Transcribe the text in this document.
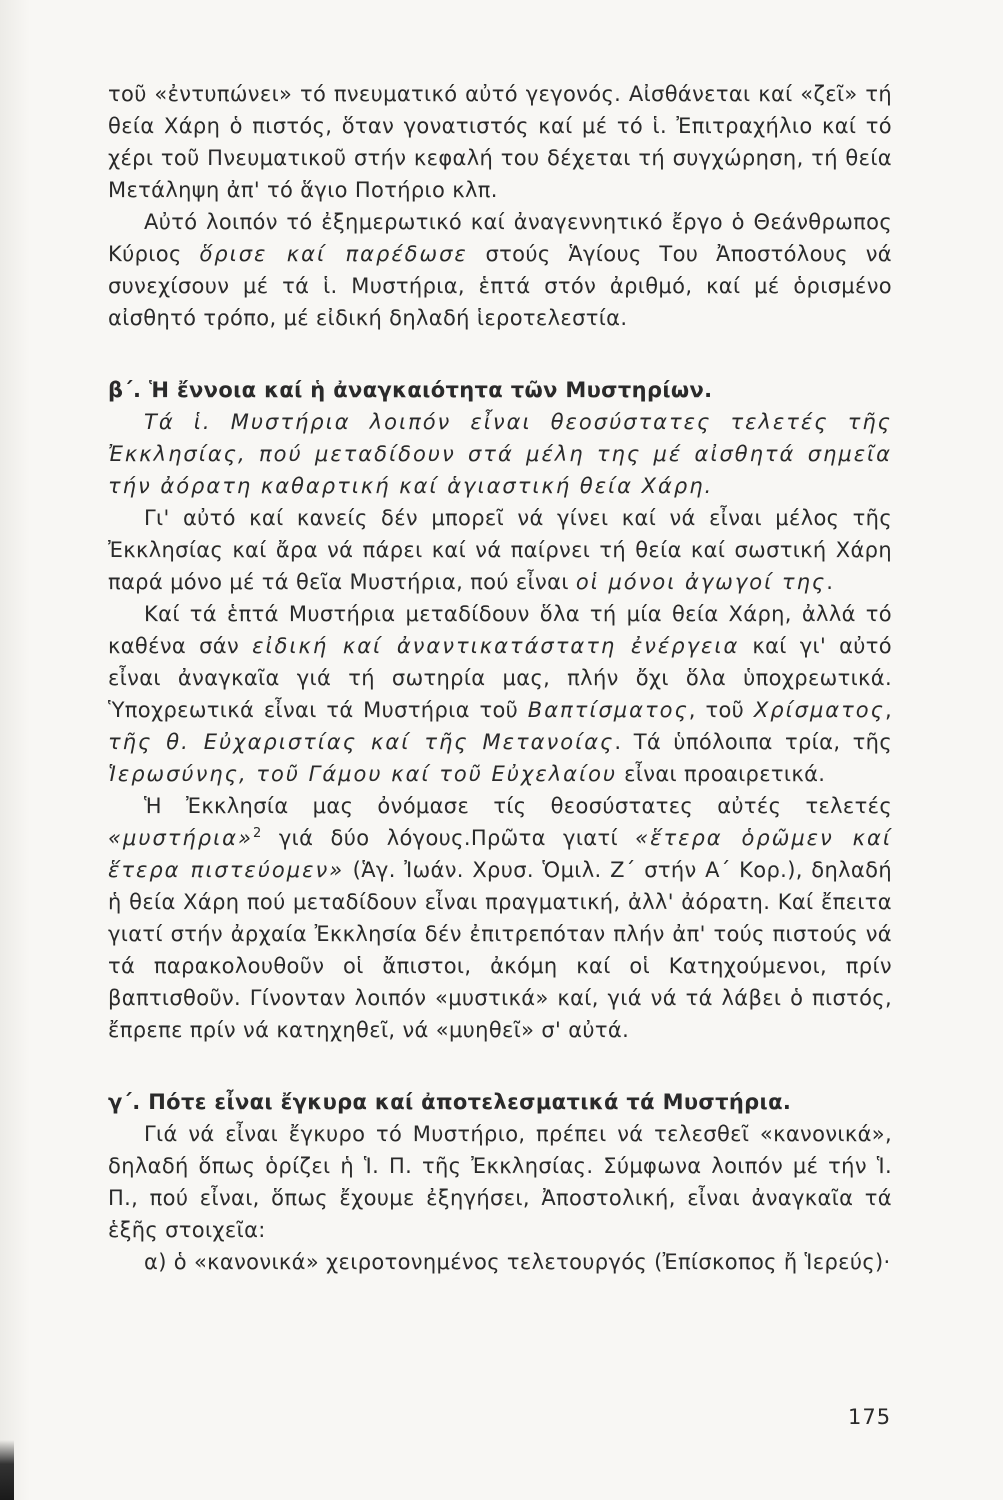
τοῦ «ἐντυπώνει» τό πνευματικό αὐτό γεγονός. Αἰσθάνεται καί «ζεῖ» τή θεία Χάρη ὁ πιστός, ὅταν γονατιστός καί μέ τό ἱ. Ἐπιτραχήλιο καί τό χέρι τοῦ Πνευματικοῦ στήν κεφαλή του δέχεται τή συγχώρηση, τή θεία Μετάληψη ἀπ' τό ἅγιο Ποτήριο κλπ.

Αὐτό λοιπόν τό ἐξημερωτικό καί ἀναγεννητικό ἔργο ὁ Θεάνθρωπος Κύριος ὅρισε καί παρέδωσε στούς Ἁγίους Του Ἀποστόλους νά συνεχίσουν μέ τά ἱ. Μυστήρια, ἑπτά στόν ἀριθμό, καί μέ ὁρισμένο αἰσθητό τρόπο, μέ εἰδική δηλαδή ἱεροτελεστία.

β΄. Ἡ ἔννοια καί ἡ ἀναγκαιότητα τῶν Μυστηρίων.

Τά ἱ. Μυστήρια λοιπόν εἶναι θεοσύστατες τελετές τῆς Ἐκκλησίας, πού μεταδίδουν στά μέλη της μέ αἰσθητά σημεῖα τήν ἀόρατη καθαρτική καί ἁγιαστική θεία Χάρη.

Γι' αὐτό καί κανείς δέν μπορεῖ νά γίνει καί νά εἶναι μέλος τῆς Ἐκκλησίας καί ἄρα νά πάρει καί νά παίρνει τή θεία καί σωστική Χάρη παρά μόνο μέ τά θεῖα Μυστήρια, πού εἶναι οἱ μόνοι ἀγωγοί της.

Καί τά ἑπτά Μυστήρια μεταδίδουν ὅλα τή μία θεία Χάρη, ἀλλά τό καθένα σάν εἰδική καί ἀναντικατάστατη ἐνέργεια καί γι' αὐτό εἶναι ἀναγκαῖα γιά τή σωτηρία μας, πλήν ὄχι ὅλα ὑποχρεωτικά. Ὑποχρεωτικά εἶναι τά Μυστήρια τοῦ Βαπτίσματος, τοῦ Χρίσματος, τῆς θ. Εὐχαριστίας καί τῆς Μετανοίας. Τά ὑπόλοιπα τρία, τῆς Ἱερωσύνης, τοῦ Γάμου καί τοῦ Εὐχελαίου εἶναι προαιρετικά.

Ἡ Ἐκκλησία μας ὀνόμασε τίς θεοσύστατες αὐτές τελετές «μυστήρια»$^2$ γιά δύο λόγους.Πρῶτα γιατί «ἕτερα ὁρῶμεν καί ἕτερα πιστεύομεν» (Ἁγ. Ἰωάν. Χρυσ. Ὁμιλ. Ζ΄ στήν Α΄ Κορ.), δηλαδή ἡ θεία Χάρη πού μεταδίδουν εἶναι πραγματική, ἀλλ' ἀόρατη. Καί ἔπειτα γιατί στήν ἀρχαία Ἐκκλησία δέν ἐπιτρεπόταν πλήν ἀπ' τούς πιστούς νά τά παρακολουθοῦν οἱ ἄπιστοι, ἀκόμη καί οἱ Κατηχούμενοι, πρίν βαπτισθοῦν. Γίνονταν λοιπόν «μυστικά» καί, γιά νά τά λάβει ὁ πιστός, ἔπρεπε πρίν νά κατηχηθεῖ, νά «μυηθεῖ» σ' αὐτά.

γ΄. Πότε εἶναι ἔγκυρα καί ἀποτελεσματικά τά Μυστήρια.

Γιά νά εἶναι ἔγκυρο τό Μυστήριο, πρέπει νά τελεσθεῖ «κανονικά», δηλαδή ὅπως ὁρίζει ἡ Ἱ. Π. τῆς Ἐκκλησίας. Σύμφωνα λοιπόν μέ τήν Ἱ. Π., πού εἶναι, ὅπως ἔχουμε ἐξηγήσει, Ἀποστολική, εἶναι ἀναγκαῖα τά ἑξῆς στοιχεῖα:

α) ὁ «κανονικά» χειροτονημένος τελετουργός (Ἐπίσκοπος ἤ Ἱερεύς)·

175
